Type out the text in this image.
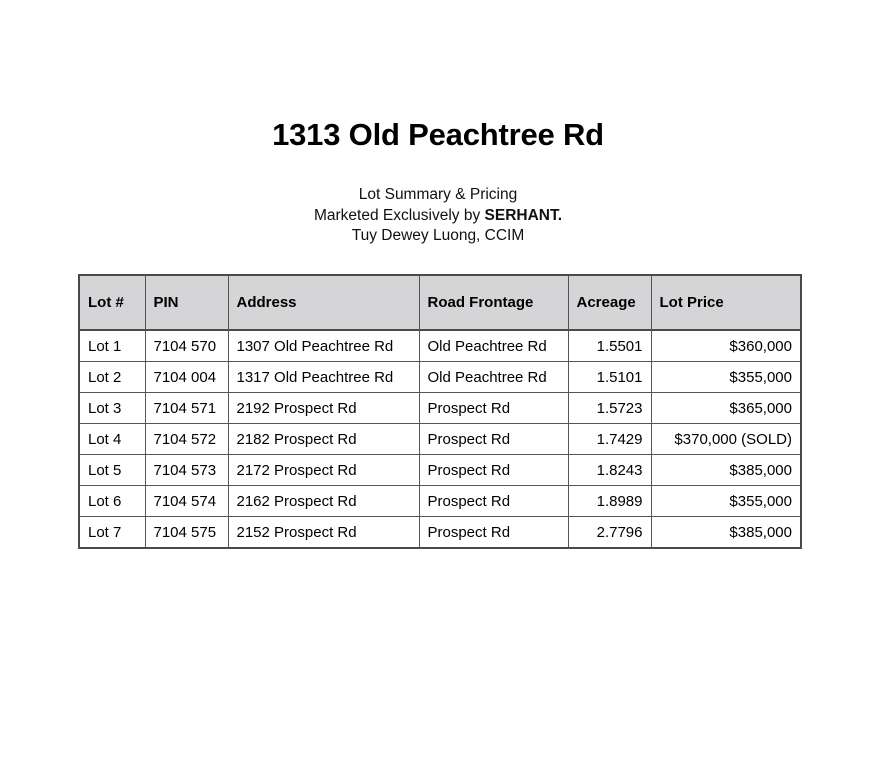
1313 Old Peachtree Rd
Lot Summary & Pricing
Marketed Exclusively by SERHANT.
Tuy Dewey Luong, CCIM
Lot #	PIN	Address	Road Frontage	Acreage	Lot Price
Lot 1	7104 570	1307 Old Peachtree Rd	Old Peachtree Rd	1.5501	$360,000
Lot 2	7104 004	1317 Old Peachtree Rd	Old Peachtree Rd	1.5101	$355,000
Lot 3	7104 571	2192 Prospect Rd	Prospect Rd	1.5723	$365,000
Lot 4	7104 572	2182 Prospect Rd	Prospect Rd	1.7429	$370,000 (SOLD)
Lot 5	7104 573	2172 Prospect Rd	Prospect Rd	1.8243	$385,000
Lot 6	7104 574	2162 Prospect Rd	Prospect Rd	1.8989	$355,000
Lot 7	7104 575	2152 Prospect Rd	Prospect Rd	2.7796	$385,000
